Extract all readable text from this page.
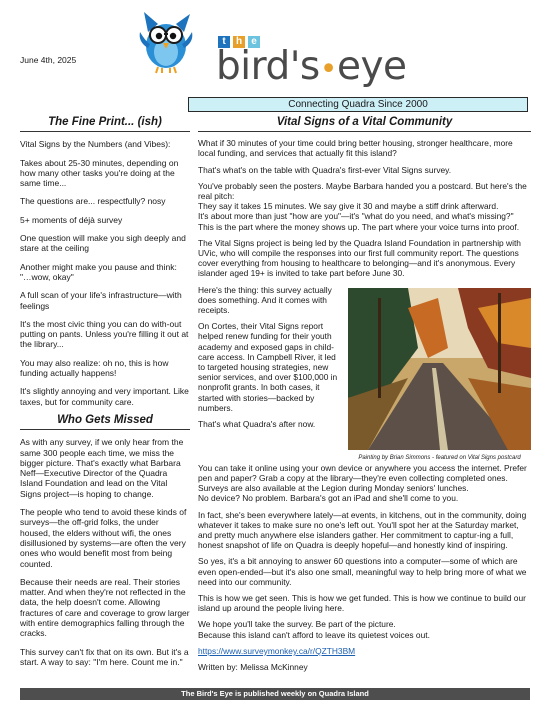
June 4th, 2025
t	h e
bird's•eye
Connecting Quadra Since 2000
The Fine Print... (ish)

Vital Signs by the Numbers (and Vibes):

Takes about 25-30 minutes, depending on how many other tasks you're doing at the same time...

The questions are... respectfully? nosy

5+ moments of déjà survey

One question will make you sigh deeply and stare at the ceiling

Another might make you pause and think: "…wow, okay"

A full scan of your life's infrastructure—with feelings

It's the most civic thing you can do with-out putting on pants. Unless you're filling it out at the library...

You may also realize: oh no, this is how funding actually happens!

It's slightly annoying and very important. Like taxes, but for community care.

Who Gets Missed

As with any survey, if we only hear from the same 300 people each time, we miss the bigger picture. That's exactly what Barbara Neff—Executive Director of the Quadra Island Foundation and lead on the Vital Signs project—is hoping to change.

The people who tend to avoid these kinds of surveys—the off-grid folks, the under housed, the elders without wifi, the ones disillusioned by systems—are often the very ones who would benefit most from being counted.

Because their needs are real. Their stories matter. And when they're not reflected in the data, the help doesn't come. Allowing fractures of care and coverage to grow larger with entire demographics falling through the cracks.

This survey can't fix that on its own. But it's a start. A way to say: "I'm here. Count me in."

Vital Signs of a Vital Community

What if 30 minutes of your time could bring better housing, stronger healthcare, more local funding, and services that actually fit this island?

That's what's on the table with Quadra's first-ever Vital Signs survey.

You've probably seen the posters. Maybe Barbara handed you a postcard. But here's the real pitch:
They say it takes 15 minutes. We say give it 30 and maybe a stiff drink afterward.
It's about more than just "how are you"—it's "what do you need, and what's missing?"
This is the part where the money shows up. The part where your voice turns into proof.

The Vital Signs project is being led by the Quadra Island Foundation in partnership with UVic, who will compile the responses into our first full community report. The questions cover everything from housing to healthcare to belonging—and it's anonymous. Every islander aged 19+ is invited to take part before June 30.

Here's the thing: this survey actually does something. And it comes with receipts.

On Cortes, their Vital Signs report helped renew funding for their youth academy and exposed gaps in child-care access. In Campbell River, it led to targeted housing strategies, new senior services, and over $100,000 in nonprofit grants. In both cases, it started with stories—backed by numbers.

That's what Quadra's after now.

Painting by Brian Simmons - featured on Vital Signs postcard

You can take it online using your own device or anywhere you access the internet. Prefer pen and paper? Grab a copy at the library—they're even collecting completed ones.
Surveys are also available at the Legion during Monday seniors' lunches.
No device? No problem. Barbara's got an iPad and she'll come to you.

In fact, she's been everywhere lately—at events, in kitchens, out in the community, doing whatever it takes to make sure no one's left out. You'll spot her at the Saturday market, and pretty much anywhere else islanders gather. Her commitment to captur-ing a full, honest snapshot of life on Quadra is deeply hopeful—and honestly kind of inspiring.

So yes, it's a bit annoying to answer 60 questions into a computer—some of which are even open-ended—but it's also one small, meaningful way to help bring more of what we need into our community.

This is how we get seen. This is how we get funded. This is how we continue to build our island up around the people living here.

We hope you'll take the survey. Be part of the picture.
Because this island can't afford to leave its quietest voices out.

https://www.surveymonkey.ca/r/QZTH3BM

Written by: Melissa McKinney

The Bird's Eye is published weekly on Quadra Island
